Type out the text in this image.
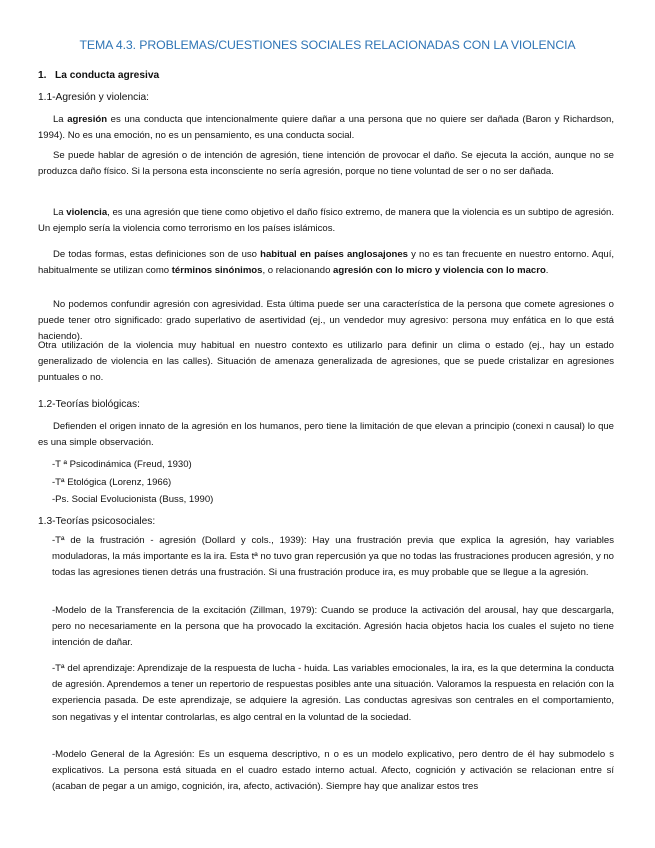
TEMA 4.3. PROBLEMAS/CUESTIONES SOCIALES RELACIONADAS CON LA VIOLENCIA
1. La conducta agresiva
1.1-Agresión y violencia:

La agresión es una conducta que intencionalmente quiere dañar a una persona que no quiere ser dañada (Baron y Richardson, 1994). No es una emoción, no es un pensamiento, es una conducta social.

Se puede hablar de agresión o de intención de agresión, tiene intención de provocar el daño. Se ejecuta la acción, aunque no se produzca daño físico. Si la persona esta inconsciente no sería agresión, porque no tiene voluntad de ser o no ser dañada.

La violencia, es una agresión que tiene como objetivo el daño físico extremo, de manera que la violencia es un subtipo de agresión. Un ejemplo sería la violencia como terrorismo en los países islámicos.

De todas formas, estas definiciones son de uso habitual en países anglosajones y no es tan frecuente en nuestro entorno. Aquí, habitualmente se utilizan como términos sinónimos, o relacionando agresión con lo micro y violencia con lo macro.

No podemos confundir agresión con agresividad. Esta última puede ser una característica de la persona que comete agresiones o puede tener otro significado: grado superlativo de asertividad (ej., un vendedor muy agresivo: persona muy enfática en lo que está haciendo).

Otra utilización de la violencia muy habitual en nuestro contexto es utilizarlo para definir un clima o estado (ej., hay un estado generalizado de violencia en las calles). Situación de amenaza generalizada de agresiones, que se puede cristalizar en agresiones puntuales o no.

1.2-Teorías biológicas:

Defienden el origen innato de la agresión en los humanos, pero tiene la limitación de que elevan a principio (conexi n causal) lo que es una simple observación.

-T ª Psicodinámica (Freud, 1930)
-Tª Etológica (Lorenz, 1966)
-Ps. Social Evolucionista (Buss, 1990)
1.3-Teorías psicosociales:

-Tª de la frustración - agresión (Dollard y cols., 1939): Hay una frustración previa que explica la agresión, hay variables moduladoras, la más importante es la ira. Esta tª no tuvo gran repercusión ya que no todas las frustraciones producen agresión, y no todas las agresiones tienen detrás una frustración. Si una frustración produce ira, es muy probable que se llegue a la agresión.

-Modelo de la Transferencia de la excitación (Zillman, 1979): Cuando se produce la activación del arousal, hay que descargarla, pero no necesariamente en la persona que ha provocado la excitación. Agresión hacia objetos hacia los cuales el sujeto no tiene intención de dañar.

-Tª del aprendizaje: Aprendizaje de la respuesta de lucha - huida. Las variables emocionales, la ira, es la que determina la conducta de agresión. Aprendemos a tener un repertorio de respuestas posibles ante una situación. Valoramos la respuesta en relación con la experiencia pasada. De este aprendizaje, se adquiere la agresión. Las conductas agresivas son centrales en el comportamiento, son negativas y el intentar controlarlas, es algo central en la voluntad de la sociedad.

-Modelo General de la Agresión: Es un esquema descriptivo, n o es un modelo explicativo, pero dentro de él hay submodelo s explicativos. La persona está situada en el cuadro estado interno actual. Afecto, cognición y activación se relacionan entre sí (acaban de pegar a un amigo, cognición, ira, afecto, activación). Siempre hay que analizar estos tres
